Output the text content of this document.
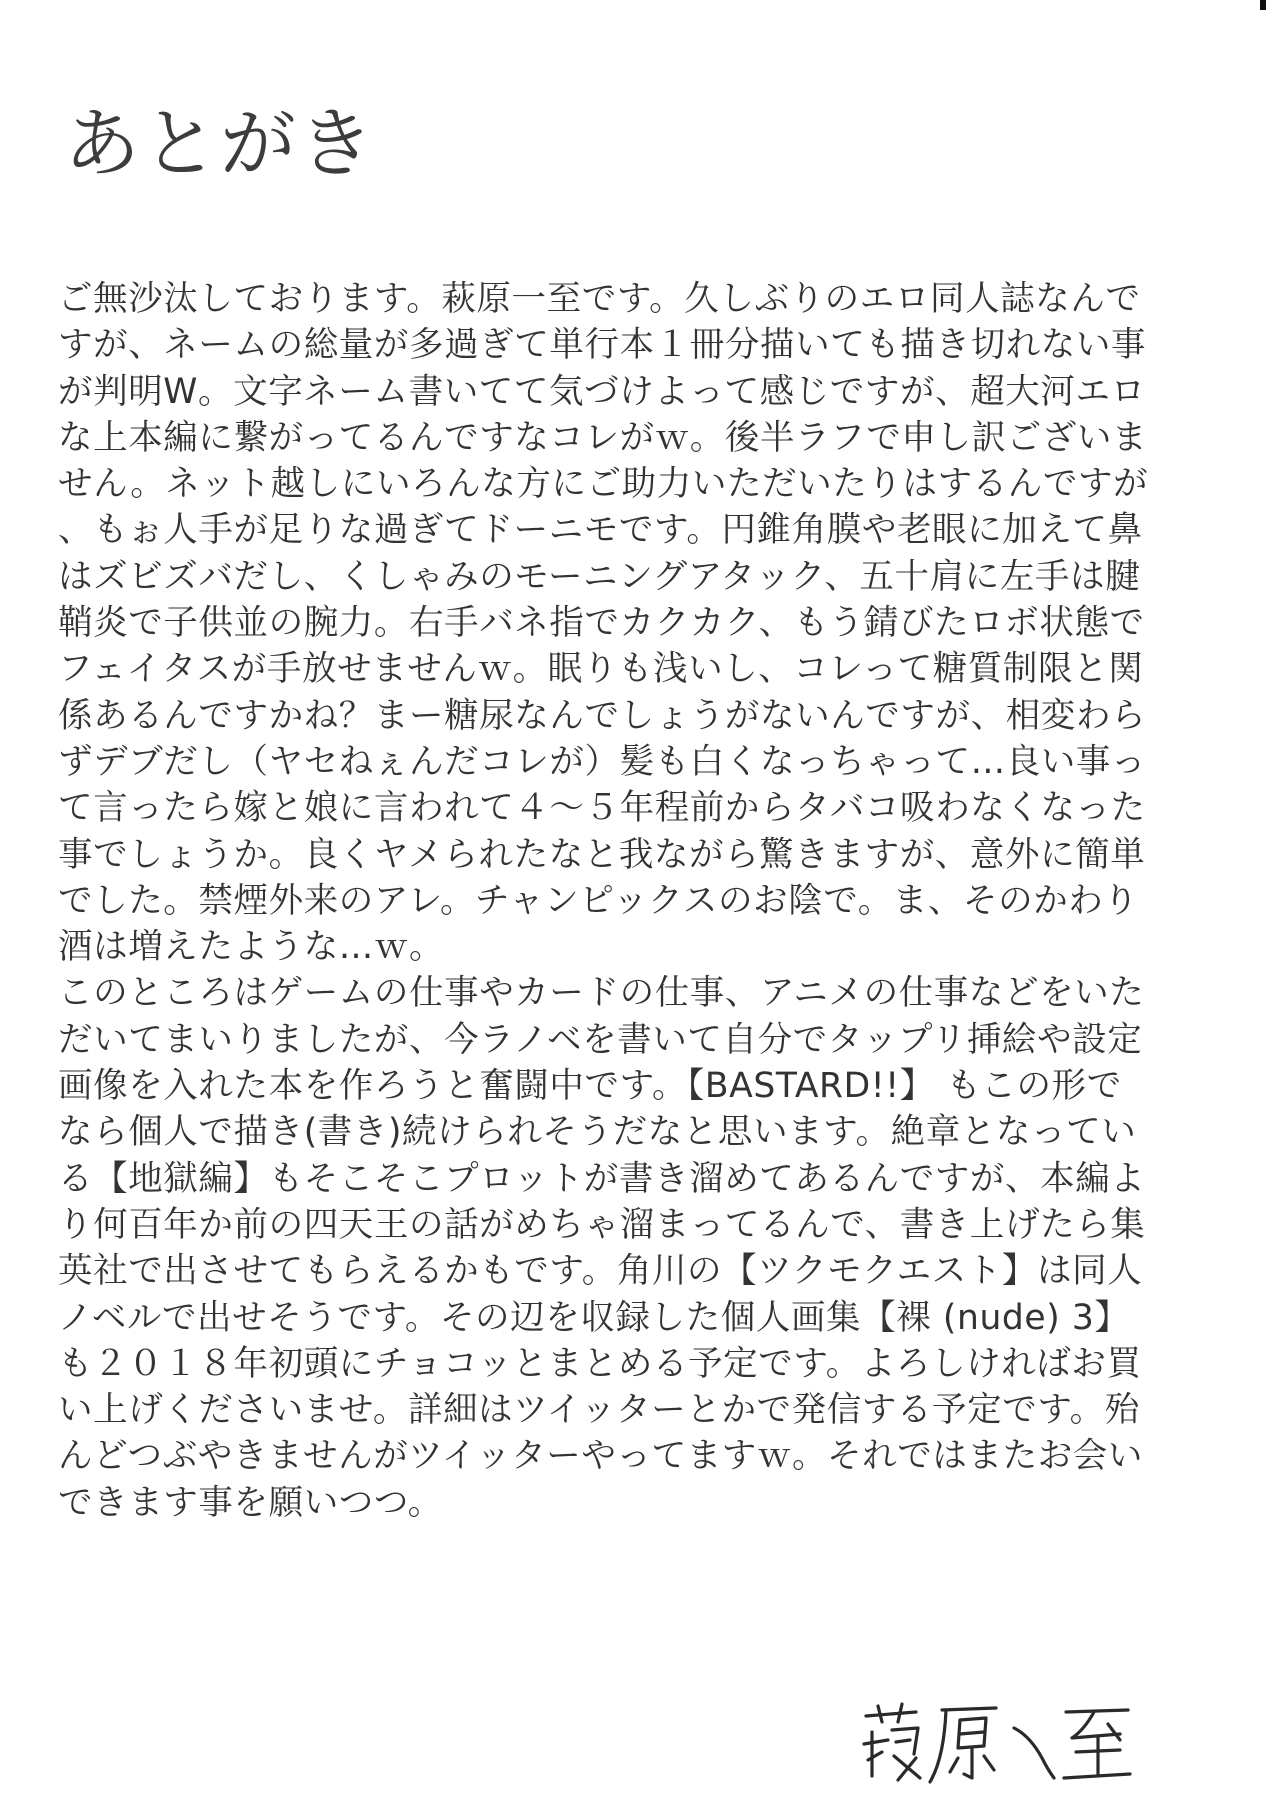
あとがき
ご無沙汰しております。萩原一至です。久しぶりのエロ同人誌なんで
すが、ネームの総量が多過ぎて単行本１冊分描いても描き切れない事
が判明W。文字ネーム書いてて気づけよって感じですが、超大河エロ
な上本編に繋がってるんですなコレがｗ。後半ラフで申し訳ございま
せん。ネット越しにいろんな方にご助力いただいたりはするんですが
、もぉ人手が足りな過ぎてドーニモです。円錐角膜や老眼に加えて鼻
はズビズバだし、くしゃみのモーニングアタック、五十肩に左手は腱
鞘炎で子供並の腕力。右手バネ指でカクカク、もう錆びたロボ状態で
フェイタスが手放せませんｗ。眠りも浅いし、コレって糖質制限と関
係あるんですかね？まー糖尿なんでしょうがないんですが、相変わら
ずデブだし（ヤセねぇんだコレが）髪も白くなっちゃって…良い事っ
て言ったら嫁と娘に言われて４～５年程前からタバコ吸わなくなった
事でしょうか。良くヤメられたなと我ながら驚きますが、意外に簡単
でした。禁煙外来のアレ。チャンピックスのお陰で。ま、そのかわり
酒は増えたような…ｗ。
このところはゲームの仕事やカードの仕事、アニメの仕事などをいた
だいてまいりましたが、今ラノベを書いて自分でタップリ挿絵や設定
画像を入れた本を作ろうと奮闘中です。【BASTARD!!】 もこの形で
なら個人で描き(書き)続けられそうだなと思います。絶章となってい
る【地獄編】もそこそこプロットが書き溜めてあるんですが、本編よ
り何百年か前の四天王の話がめちゃ溜まってるんで、書き上げたら集
英社で出させてもらえるかもです。角川の【ツクモクエスト】は同人
ノベルで出せそうです。その辺を収録した個人画集【裸 (nude) 3】
も２０１８年初頭にチョコッとまとめる予定です。よろしければお買
い上げくださいませ。詳細はツイッターとかで発信する予定です。殆
んどつぶやきませんがツイッターやってますｗ。それではまたお会い
できます事を願いつつ。
